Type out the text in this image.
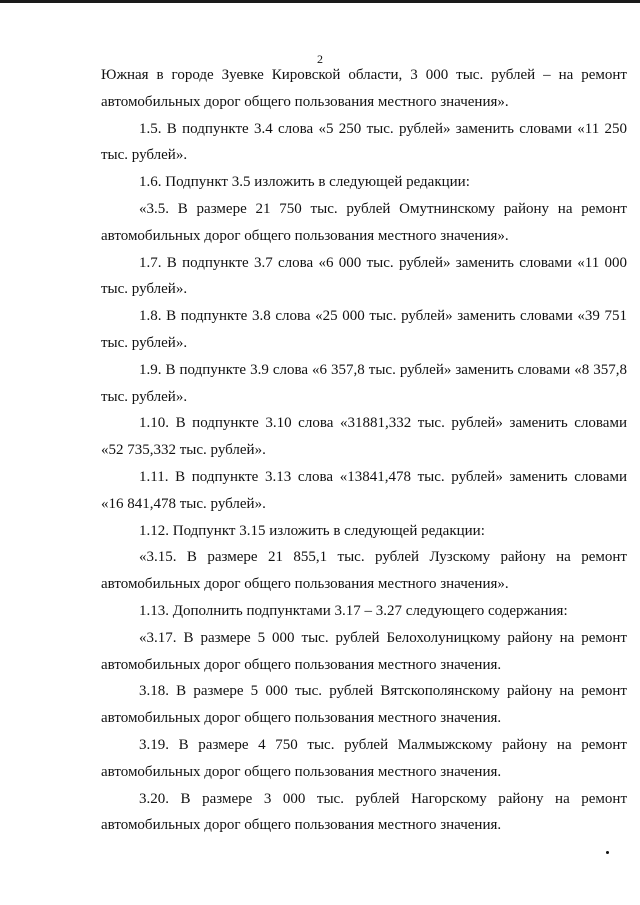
2

Южная в городе Зуевке Кировской области, 3 000 тыс. рублей – на ремонт автомобильных дорог общего пользования местного значения».

1.5. В подпункте 3.4 слова «5 250 тыс. рублей» заменить словами «11 250 тыс. рублей».

1.6. Подпункт 3.5 изложить в следующей редакции:

«3.5. В размере 21 750 тыс. рублей Омутнинскому району на ремонт автомобильных дорог общего пользования местного значения».

1.7. В подпункте 3.7 слова «6 000 тыс. рублей» заменить словами «11 000 тыс. рублей».

1.8. В подпункте 3.8 слова «25 000 тыс. рублей» заменить словами «39 751 тыс. рублей».

1.9. В подпункте 3.9 слова «6 357,8 тыс. рублей» заменить словами «8 357,8 тыс. рублей».

1.10. В подпункте 3.10 слова «31881,332 тыс. рублей» заменить словами «52 735,332 тыс. рублей».

1.11. В подпункте 3.13 слова «13841,478 тыс. рублей» заменить словами «16 841,478 тыс. рублей».

1.12. Подпункт 3.15 изложить в следующей редакции:

«3.15. В размере 21 855,1 тыс. рублей Лузскому району на ремонт автомобильных дорог общего пользования местного значения».

1.13. Дополнить подпунктами 3.17 – 3.27 следующего содержания:

«3.17. В размере 5 000 тыс. рублей Белохолуницкому району на ремонт автомобильных дорог общего пользования местного значения.

3.18. В размере 5 000 тыс. рублей Вятскополянскому району на ремонт автомобильных дорог общего пользования местного значения.

3.19. В размере 4 750 тыс. рублей Малмыжскому району на ремонт автомобильных дорог общего пользования местного значения.

3.20. В размере 3 000 тыс. рублей Нагорскому району на ремонт автомобильных дорог общего пользования местного значения.
